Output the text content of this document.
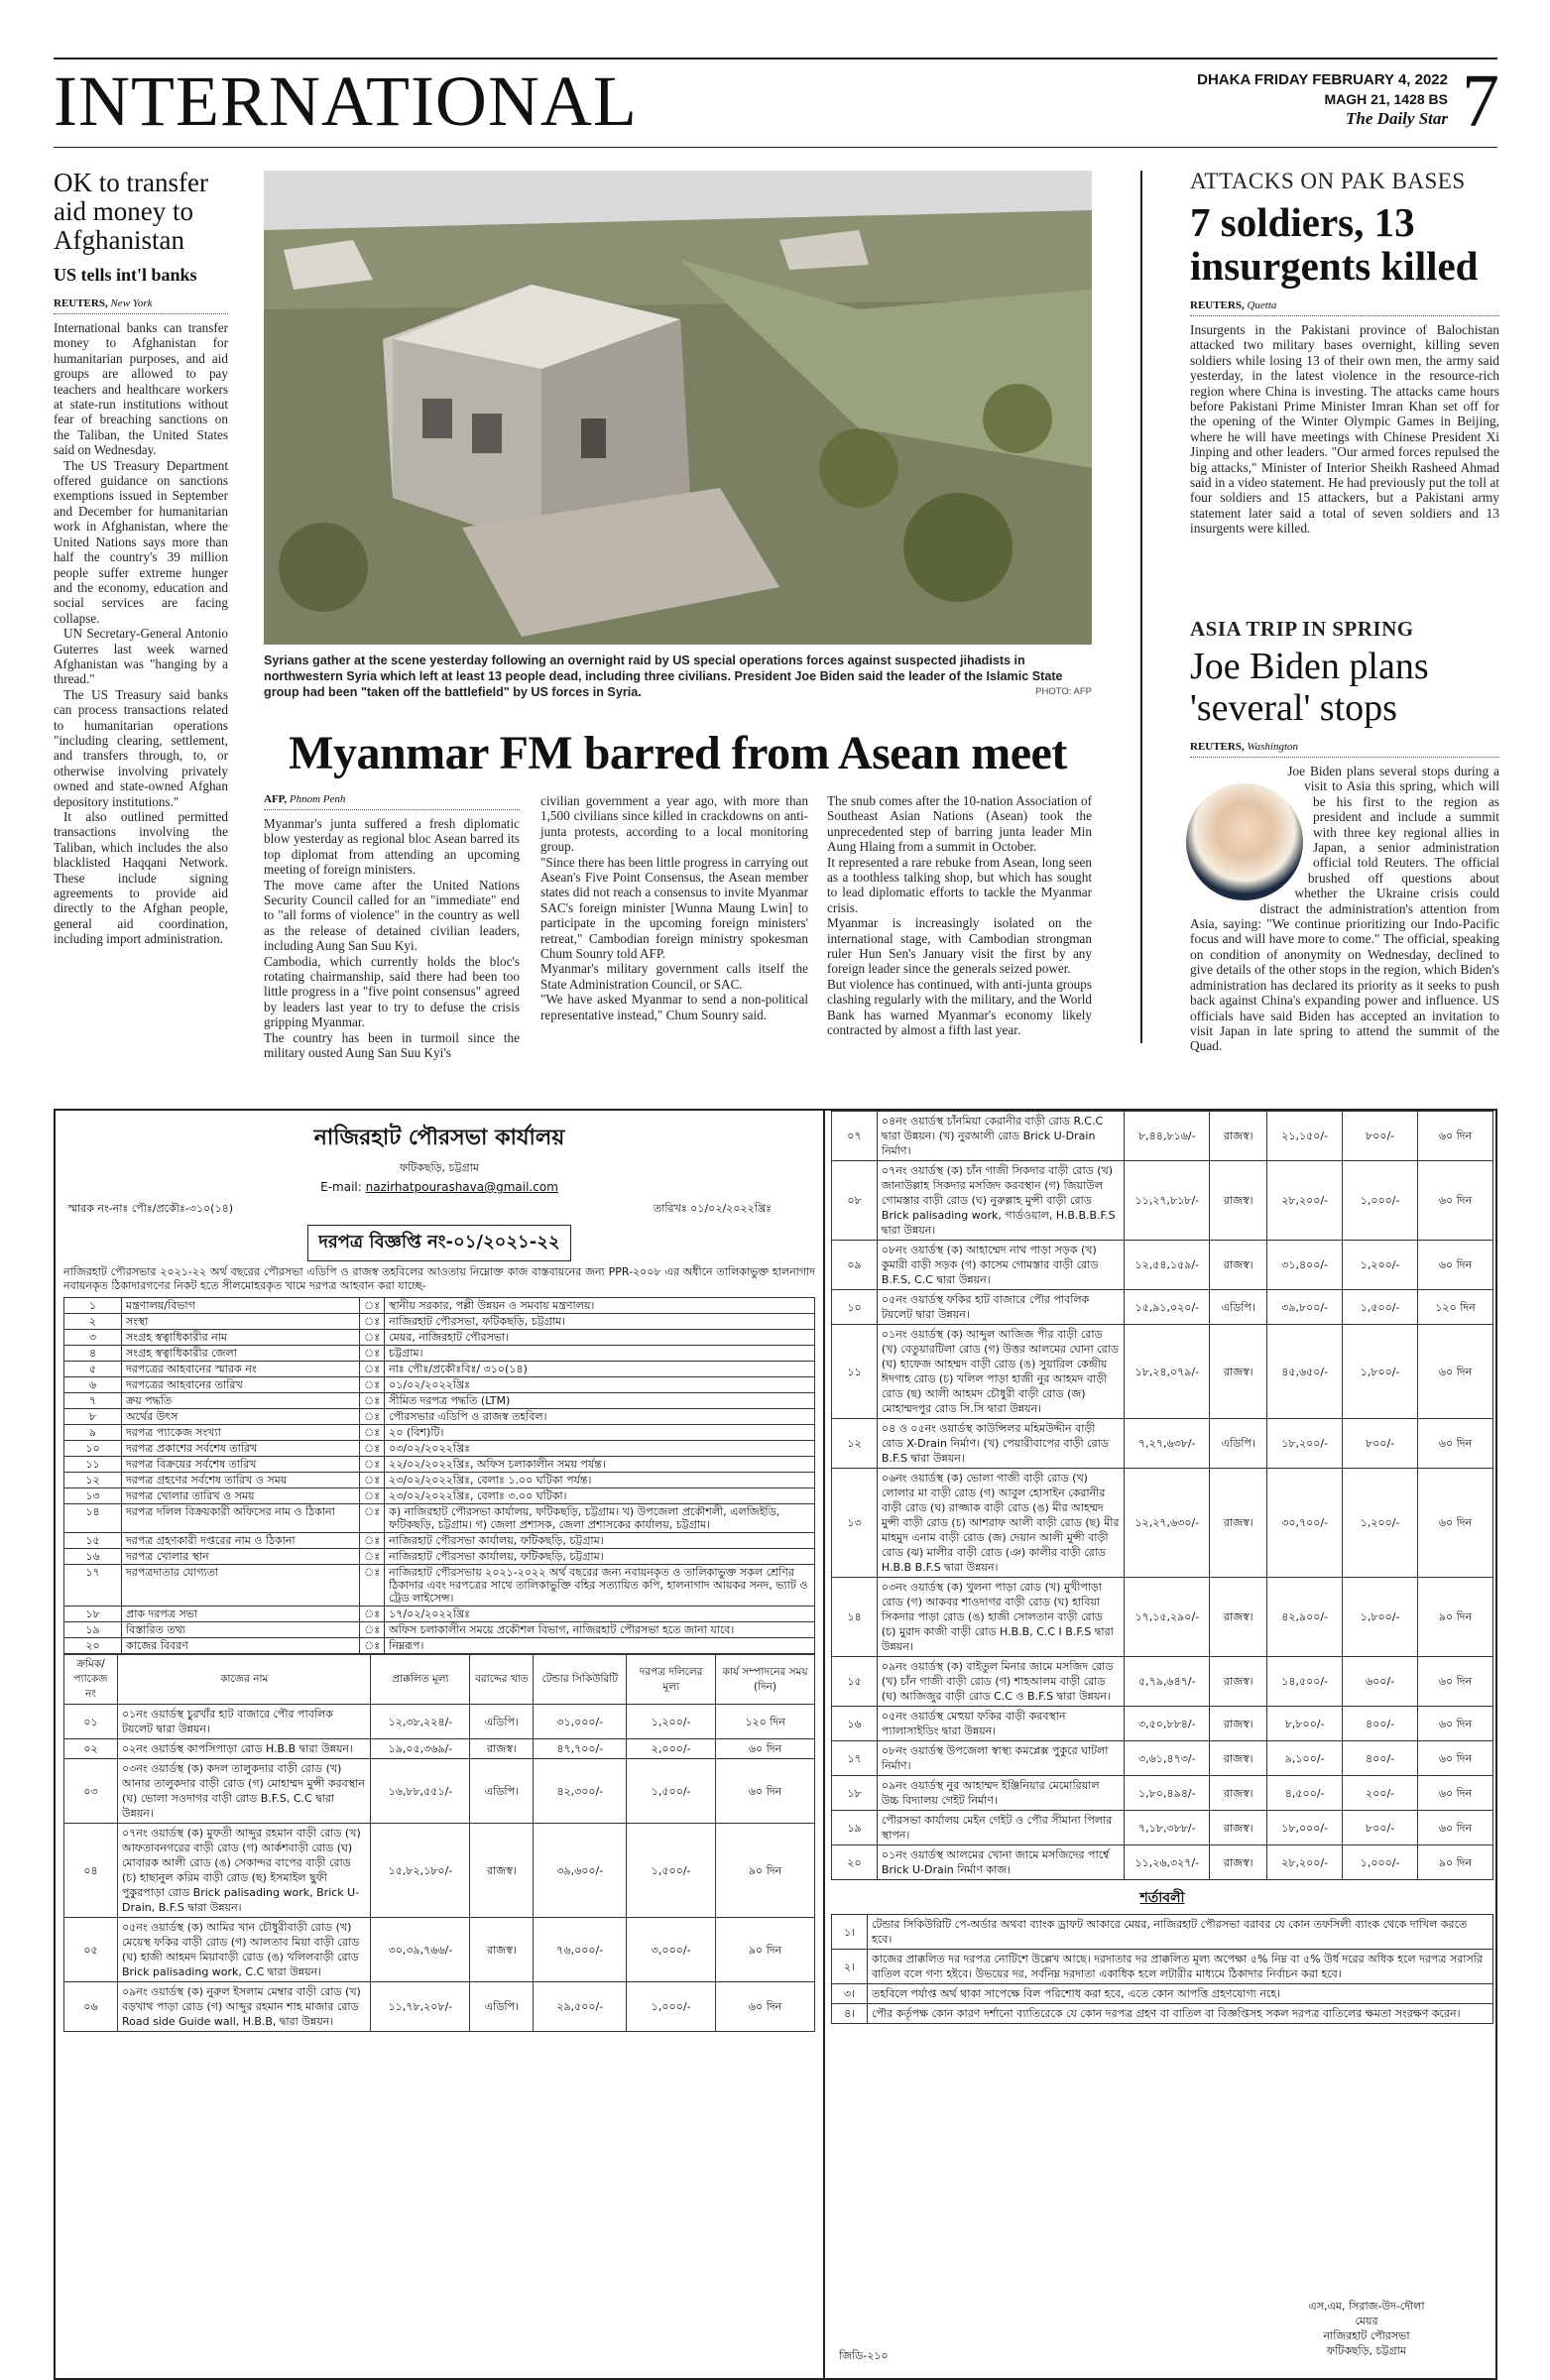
INTERNATIONAL	DHAKA FRIDAY FEBRUARY 4, 2022
MAGH 21, 1428 BS
The Daily Star 7
OK to transfer aid money to Afghanistan
US tells int'l banks
REUTERS, New York

International banks can transfer money to Afghanistan for humanitarian purposes, and aid groups are allowed to pay teachers and healthcare workers at state-run institutions without fear of breaching sanctions on the Taliban, the United States said on Wednesday.

The US Treasury Department offered guidance on sanctions exemptions issued in September and December for humanitarian work in Afghanistan, where the United Nations says more than half the country's 39 million people suffer extreme hunger and the economy, education and social services are facing collapse.

UN Secretary-General Antonio Guterres last week warned Afghanistan was "hanging by a thread."

The US Treasury said banks can process transactions related to humanitarian operations "including clearing, settlement, and transfers through, to, or otherwise involving privately owned and state-owned Afghan depository institutions."

It also outlined permitted transactions involving the Taliban, which includes the also blacklisted Haqqani Network. These include signing agreements to provide aid directly to the Afghan people, general aid coordination, including import administration.

Syrians gather at the scene yesterday following an overnight raid by US special operations forces against suspected jihadists in northwestern Syria which left at least 13 people dead, including three civilians. President Joe Biden said the leader of the Islamic State group had been "taken off the battlefield" by US forces in Syria.	PHOTO: AFP
Myanmar FM barred from Asean meet
AFP, Phnom Penh

Myanmar's junta suffered a fresh diplomatic blow yesterday as regional bloc Asean barred its top diplomat from attending an upcoming meeting of foreign ministers.
The move came after the United Nations Security Council called for an "immediate" end to "all forms of violence" in the country as well as the release of detained civilian leaders, including Aung San Suu Kyi.
Cambodia, which currently holds the bloc's rotating chairmanship, said there had been too little progress in a "five point consensus" agreed by leaders last year to try to defuse the crisis gripping Myanmar.
The country has been in turmoil since the military ousted Aung San Suu Kyi's

civilian government a year ago, with more than 1,500 civilians since killed in crackdowns on anti-junta protests, according to a local monitoring group.
"Since there has been little progress in carrying out Asean's Five Point Consensus, the Asean member states did not reach a consensus to invite Myanmar SAC's foreign minister [Wunna Maung Lwin] to participate in the upcoming foreign ministers' retreat," Cambodian foreign ministry spokesman Chum Sounry told AFP.
Myanmar's military government calls itself the State Administration Council, or SAC.
"We have asked Myanmar to send a non-political representative instead," Chum Sounry said.

The snub comes after the 10-nation Association of Southeast Asian Nations (Asean) took the unprecedented step of barring junta leader Min Aung Hlaing from a summit in October.
It represented a rare rebuke from Asean, long seen as a toothless talking shop, but which has sought to lead diplomatic efforts to tackle the Myanmar crisis.
Myanmar is increasingly isolated on the international stage, with Cambodian strongman ruler Hun Sen's January visit the first by any foreign leader since the generals seized power.
But violence has continued, with anti-junta groups clashing regularly with the military, and the World Bank has warned Myanmar's economy likely contracted by almost a fifth last year.

ATTACKS ON PAK BASES
7 soldiers, 13 insurgents killed
REUTERS, Quetta

Insurgents in the Pakistani province of Balochistan attacked two military bases overnight, killing seven soldiers while losing 13 of their own men, the army said yesterday, in the latest violence in the resource-rich region where China is investing. The attacks came hours before Pakistani Prime Minister Imran Khan set off for the opening of the Winter Olympic Games in Beijing, where he will have meetings with Chinese President Xi Jinping and other leaders. "Our armed forces repulsed the big attacks," Minister of Interior Sheikh Rasheed Ahmad said in a video statement. He had previously put the toll at four soldiers and 15 attackers, but a Pakistani army statement later said a total of seven soldiers and 13 insurgents were killed.

ASIA TRIP IN SPRING
Joe Biden plans 'several' stops
REUTERS, Washington

Joe Biden plans several stops during a visit to Asia this spring, which will be his first to the region as president and include a summit with three key regional allies in Japan, a senior administration official told Reuters. The official brushed off questions about whether the Ukraine crisis could distract the administration's attention from Asia, saying: "We continue prioritizing our Indo-Pacific focus and will have more to come." The official, speaking on condition of anonymity on Wednesday, declined to give details of the other stops in the region, which Biden's administration has declared its priority as it seeks to push back against China's expanding power and influence. US officials have said Biden has accepted an invitation to visit Japan in late spring to attend the summit of the Quad.

নাজিরহাট পৌরসভা কার্যালয়
ফটিকছড়ি, চট্টগ্রাম
E-mail: nazirhatpourashava@gmail.com
স্মারক নং-নাঃ পৌঃ/প্রকৌঃ-৩১০(১৪)	তারিখঃ ০১/০২/২০২২খ্রিঃ
দরপত্র বিজ্ঞপ্তি নং-০১/২০২১-২২
নাজিরহাট পৌরসভার ২০২১-২২ অর্থ বছরের পৌরসভা এডিপি ও রাজস্ব তহবিলের আওতায় নিম্নোক্ত কাজ বাস্তবায়নের জন্য PPR-২০০৮ এর অধীনে তালিকাভুক্ত হালনাগাদ নবায়নকৃত ঠিকাদারগণের নিকট হতে সীলমোহরকৃত খামে দরপত্র আহবান করা যাচ্ছে-
১	মন্ত্রণালয়/বিভাগ	ঃ	স্থানীয় সরকার, পল্লী উন্নয়ন ও সমবায় মন্ত্রণালয়।
২	সংস্থা	ঃ	নাজিরহাট পৌরসভা, ফটিকছড়ি, চট্টগ্রাম।
৩	সংগ্রহ স্বত্বাধিকারীর নাম	ঃ	মেয়র, নাজিরহাট পৌরসভা।
৪	সংগ্রহ স্বত্বাধিকারীর জেলা	ঃ	চট্টগ্রাম।
৫	দরপত্রের আহবানের স্মারক নং	ঃ	নাঃ পৌঃ/প্রকৌঃবিঃ/ ৩১০(১৪)
৬	দরপত্রের আহবানের তারিখ	ঃ	০১/০২/২০২২খ্রিঃ
৭	ক্রয় পদ্ধতি	ঃ	সীমিত দরপত্র পদ্ধতি (LTM)
৮	অর্থের উৎস	ঃ	পৌরসভার এডিপি ও রাজস্ব তহবিল।
৯	দরপত্র প্যাকেজ সংখ্যা	ঃ	২০ (বিশ)টি।
১০	দরপত্র প্রকাশের সর্বশেষ তারিখ	ঃ	০৩/০২/২০২২খ্রিঃ
১১	দরপত্র বিক্রয়ের সর্বশেষ তারিখ	ঃ	২২/০২/২০২২খ্রিঃ, অফিস চলাকালীন সময় পর্যন্ত।
১২	দরপত্র গ্রহণের সর্বশেষ তারিখ ও সময়	ঃ	২৩/০২/২০২২খ্রিঃ, বেলাঃ ১.০০ ঘটিকা পর্যন্ত।
১৩	দরপত্র খোলার তারিখ ও সময়	ঃ	২৩/০২/২০২২খ্রিঃ, বেলাঃ ৩.০০ ঘটিকা।
১৪	দরপত্র দলিল বিক্রয়কারী অফিসের নাম ও ঠিকানা	ঃ	ক) নাজিরহাট পৌরসভা কার্যালয়, ফটিকছড়ি, চট্টগ্রাম। খ) উপজেলা প্রকৌশলী, এলজিইডি, ফটিকছড়ি, চট্টগ্রাম। গ) জেলা প্রশাসক, জেলা প্রশাসকের কার্যালয়, চট্টগ্রাম।
১৫	দরপত্র গ্রহণকারী দপ্তরের নাম ও ঠিকানা	ঃ	নাজিরহাট পৌরসভা কার্যালয়, ফটিকছড়ি, চট্টগ্রাম।
১৬	দরপত্র খোলার স্থান	ঃ	নাজিরহাট পৌরসভা কার্যালয়, ফটিকছড়ি, চট্টগ্রাম।
১৭	দরপত্রদাতার যোগ্যতা	ঃ	নাজিরহাট পৌরসভায় ২০২১-২০২২ অর্থ বছরের জন্য নবায়নকৃত ও তালিকাভুক্ত সকল শ্রেণির ঠিকাদার এবং দরপত্রের সাথে তালিকাভুক্তি বহির সত্যায়িত কপি, হালনাগাদ আয়কর সনদ, ভ্যাট ও ট্রেড লাইসেন্স।
১৮	প্রাক দরপত্র সভা	ঃ	১৭/০২/২০২২খ্রিঃ
১৯	বিস্তারিত তথ্য	ঃ	অফিস চলাকালীন সময়ে প্রকৌশল বিভাগ, নাজিরহাট পৌরসভা হতে জানা যাবে।
২০	কাজের বিবরণ	ঃ	নিম্নরূপ।
ক্রমিক/ প্যাকেজ নং	কাজের নাম	প্রাক্কলিত মূল্য	বরাদ্দের খাত	টেন্ডার সিকিউরিটি	দরপত্র দলিলের মূল্য	কার্য সম্পাদনের সময় (দিন)
০১	০১নং ওয়ার্ডস্থ চুরখাঁর হাট বাজারে পৌর পাবলিক টয়লেট দ্বারা উন্নয়ন।	১২,৩৮,২২৪/-	এডিপি।	৩১,০০০/-	১,২০০/-	১২০ দিন
০২	০২নং ওয়ার্ডস্থ কাপসিপাড়া রোড H.B.B দ্বারা উন্নয়ন।	১৯,০৫,৩৬৯/-	রাজস্ব।	৪৭,৭০০/-	২,০০০/-	৬০ দিন
০৩	০৩নং ওয়ার্ডস্থ (ক) কদল তালুকদার বাড়ী রোড (খ) আনার তালুকদার বাড়ী রোড (গ) মোহাম্মদ মুন্সী করবস্থান (ঘ) ভোলা সওদাগর বাড়ী রোড B.F.S, C.C দ্বারা উন্নয়ন।	১৬,৮৮,৫৫১/-	এডিপি।	৪২,৩০০/-	১,৫০০/-	৬০ দিন
০৪	০৭নং ওয়ার্ডস্থ (ক) মুফতী আব্দুর রহমান বাড়ী রোড (খ) আফতাবনগরের বাড়ী রোড (গ) আর্কশবাড়ী রোড (ঘ) মোবারক আলী রোড (ঙ) সেকান্দর বাপের বাড়ী রোড (চ) হাছানুল করিম বাড়ী রোড (ছ) ইসমাইল ছুফী পুকুরপাড়া রোড Brick palisading work, Brick U-Drain, B.F.S দ্বারা উন্নয়ন।	১৫,৮২,১৮০/-	রাজস্ব।	৩৯,৬০০/-	১,৫০০/-	৯০ দিন
০৫	০৫নং ওয়ার্ডস্থ (ক) আমির খান চৌধুরীবাড়ী রোড (খ) মেয়েস্থ ফকির বাড়ী রোড (গ) আলতাব মিয়া বাড়ী রোড (ঘ) হাজী আহমদ মিয়াবাড়ী রোড (ঙ) খলিলবাড়ী রোড Brick palisading work, C.C দ্বারা উন্নয়ন।	৩০,৩৯,৭৬৬/-	রাজস্ব।	৭৬,০০০/-	৩,০০০/-	৯০ দিন
০৬	০৯নং ওয়ার্ডস্থ (ক) নুরুল ইসলাম মেম্বার বাড়ী রোড (খ) বড়খাথ পাড়া রোড (গ) আব্দুর রহমান শাহ মাজার রোড Road side Guide wall, H.B.B, দ্বারা উন্নয়ন।	১১,৭৮,২০৮/-	এডিপি।	২৯,৫০০/-	১,০০০/-	৬০ দিন
০৭	০৪নং ওয়ার্ডস্থ চাঁনমিয়া কেরানীর বাড়ী রোড R.C.C দ্বারা উন্নয়ন। (খ) নুরআলী রোড Brick U-Drain নির্মাণ।	৮,৪৪,৮১৬/-	রাজস্ব।	২১,১৫০/-	৮০০/-	৬০ দিন
০৮	০৭নং ওয়ার্ডস্থ (ক) চাঁন গাজী সিকদার বাড়ী রোড (খ) জানাউল্লাহ সিকদার মসজিদ করবস্থান (গ) জিয়াউল গোমস্তার বাড়ী রোড (ঘ) নুরুল্লাহ মুন্সী বাড়ী রোড Brick palisading work, গার্ডওয়াল, H.B.B.B.F.S দ্বারা উন্নয়ন।	১১,২৭,৮১৮/-	রাজস্ব।	২৮,২০০/-	১,০০০/-	৬০ দিন
০৯	০৮নং ওয়ার্ডস্থ (ক) আহাম্মেদ নাথ পাড়া সড়ক (খ) কুমারী বাড়ী সড়ক (গ) কাসেম গোমস্তার বাড়ী রোড B.F.S, C.C দ্বারা উন্নয়ন।	১২,৫৪,১৫৯/-	রাজস্ব।	৩১,৪০০/-	১,২০০/-	৬০ দিন
১০	০৫নং ওয়ার্ডস্থ ফকির হাট বাজারে পৌর পাবলিক টয়লেট দ্বারা উন্নয়ন।	১৫,৯১,০২০/-	এডিপি।	৩৯,৮০০/-	১,৫০০/-	১২০ দিন
১১	০১নং ওয়ার্ডস্থ (ক) আব্দুল আজিজ পীর বাড়ী রোড (খ) বেতুয়ারটিলা রোড (গ) উত্তর আলমের ঘোনা রোড (ঘ) হাফেজ আহম্মদ বাড়ী রোড (ঙ) সুয়ারিল কেন্দ্রীয় ঈদগাহ রোড (চ) খলিল পাড়া হাজী নুর আহমদ বাড়ী রোড (ছ) আলী আহমদ চৌধুরী বাড়ী রোড (জ) মোহাম্মদপুর রোড সি.সি দ্বারা উন্নয়ন।	১৮,২৪,০৭৯/-	রাজস্ব।	৪৫,৬৫০/-	১,৮০০/-	৬০ দিন
১২	০৪ ও ০৫নং ওয়ার্ডস্থ কাউন্সিলর মহিমউদ্দীন বাড়ী রোড X-Drain নির্মাণ। (খ) পেয়ারীবাপের বাড়ী রোড B.F.S দ্বারা উন্নয়ন।	৭,২৭,৬৩৮/-	এডিপি।	১৮,২০০/-	৮০০/-	৬০ দিন
১৩	০৬নং ওয়ার্ডস্থ (ক) ভোলা গাজী বাড়ী রোড (খ) লোলার মা বাড়ী রোড (গ) আবুল হোসাইন কেরানীর বাড়ী রোড (ঘ) রাজ্জাক বাড়ী রোড (ঙ) মীর আহম্মদ মুন্সী বাড়ী রোড (চ) আশরাফ আলী বাড়ী রোড (ছ) মীর মাহমুদ এনাম বাড়ী রোড (জ) দেয়ান আলী মুন্সী বাড়ী রোড (ঝ) মালীর বাড়ী রোড (ঞ) কালীর বাড়ী রোড H.B.B B.F.S দ্বারা উন্নয়ন।	১২,২৭,৬৩০/-	রাজস্ব।	৩০,৭০০/-	১,২০০/-	৬০ দিন
১৪	০৩নং ওয়ার্ডস্থ (ক) খুলনা পাড়া রোড (খ) মুখীপাড়া রোড (গ) আকবর শাওদাগর বাড়ী রোড (ঘ) হাবিয়া সিকদার পাড়া রোড (ঙ) হাজী সোলতান বাড়ী রোড (চ) মুরাদ কাজী বাড়ী রোড H.B.B, C.C I B.F.S দ্বারা উন্নয়ন।	১৭,১৫,২৯০/-	রাজস্ব।	৪২,৯০০/-	১,৮০০/-	৯০ দিন
১৫	০৯নং ওয়ার্ডস্থ (ক) বাইতুল মিনার জামে মসজিদ রোড (খ) চাঁন গাজী বাড়ী রোড (গ) শাহআলম বাড়ী রোড (ঘ) আজিজুর বাড়ী রোড C.C ও B.F.S দ্বারা উন্নয়ন।	৫,৭৯,৬৪৭/-	রাজস্ব।	১৪,৫০০/-	৬০০/-	৬০ দিন
১৬	০৫নং ওয়ার্ডস্থ মেহুয়া ফকির বাড়ী করবস্থান প্যালাসাইডিং দ্বারা উন্নয়ন।	৩,৫০,৮৮৪/-	রাজস্ব।	৮,৮০০/-	৪০০/-	৬০ দিন
১৭	০৮নং ওয়ার্ডস্থ উপজেলা স্বাস্থ্য কমপ্লেক্স পুকুরে ঘাটলা নির্মাণ।	৩,৬১,৪৭৩/-	রাজস্ব।	৯,১০০/-	৪০০/-	৬০ দিন
১৮	০৯নং ওয়ার্ডস্থ নুর আহাম্মদ ইঞ্জিনিয়ার মেমোরিয়াল উচ্চ বিদ্যালয় গেইট নির্মাণ।	১,৮০,৪৯৪/-	রাজস্ব।	৪,৫০০/-	২০০/-	৬০ দিন
১৯	পৌরসভা কার্যালয় মেইন গেইট ও পৌর সীমানা পিলার স্থাপন।	৭,১৮,৩৮৮/-	রাজস্ব।	১৮,০০০/-	৮০০/-	৬০ দিন
২০	০১নং ওয়ার্ডস্থ আলমের খোনা জামে মসজিদের পার্শ্বে Brick U-Drain নির্মাণ কাজ।	১১,২৬,৩২৭/-	রাজস্ব।	২৮,২০০/-	১,০০০/-	৯০ দিন
শর্তাবলী
১।	টেন্ডার সিকিউরিটি পে-অর্ডার অথবা ব্যাংক ড্রাফট আকারে মেয়র, নাজিরহাট পৌরসভা বরাবর যে কোন তফসিলী ব্যাংক থেকে দাখিল করতে হবে।
২।	কাজের প্রাক্কলিত দর দরপত্র নোটিশে উল্লেখ আছে। দরদাতার দর প্রাক্কলিত মূল্য অপেক্ষা ৫% নিম্ন বা ৫% উর্ধ দরের অধিক হলে দরপত্র সরাসরি বাতিল বলে গণ্য হইবে। উভয়ের দর, সর্বনিম্ন দরদাতা একাধিক হলে লটারীর মাধ্যমে ঠিকাদার নির্বাচন করা হবে।
৩।	তহবিলে পর্যাপ্ত অর্থ থাকা সাপেক্ষে বিল পরিশোধ করা হবে, এতে কোন আপত্তি গ্রহণযোগ্য নহে।
৪।	পৌর কর্তৃপক্ষ কোন কারণ দর্শানো ব্যাতিরেকে যে কোন দরপত্র গ্রহণ বা বাতিল বা বিজ্ঞপ্তিসহ সকল দরপত্র বাতিলের ক্ষমতা সংরক্ষণ করেন।
এস,এম, সিরাজ-উদ-দৌলা
মেয়র
নাজিরহাট পৌরসভা
ফটিকছড়ি, চট্টগ্রাম
জিডি-২১০
